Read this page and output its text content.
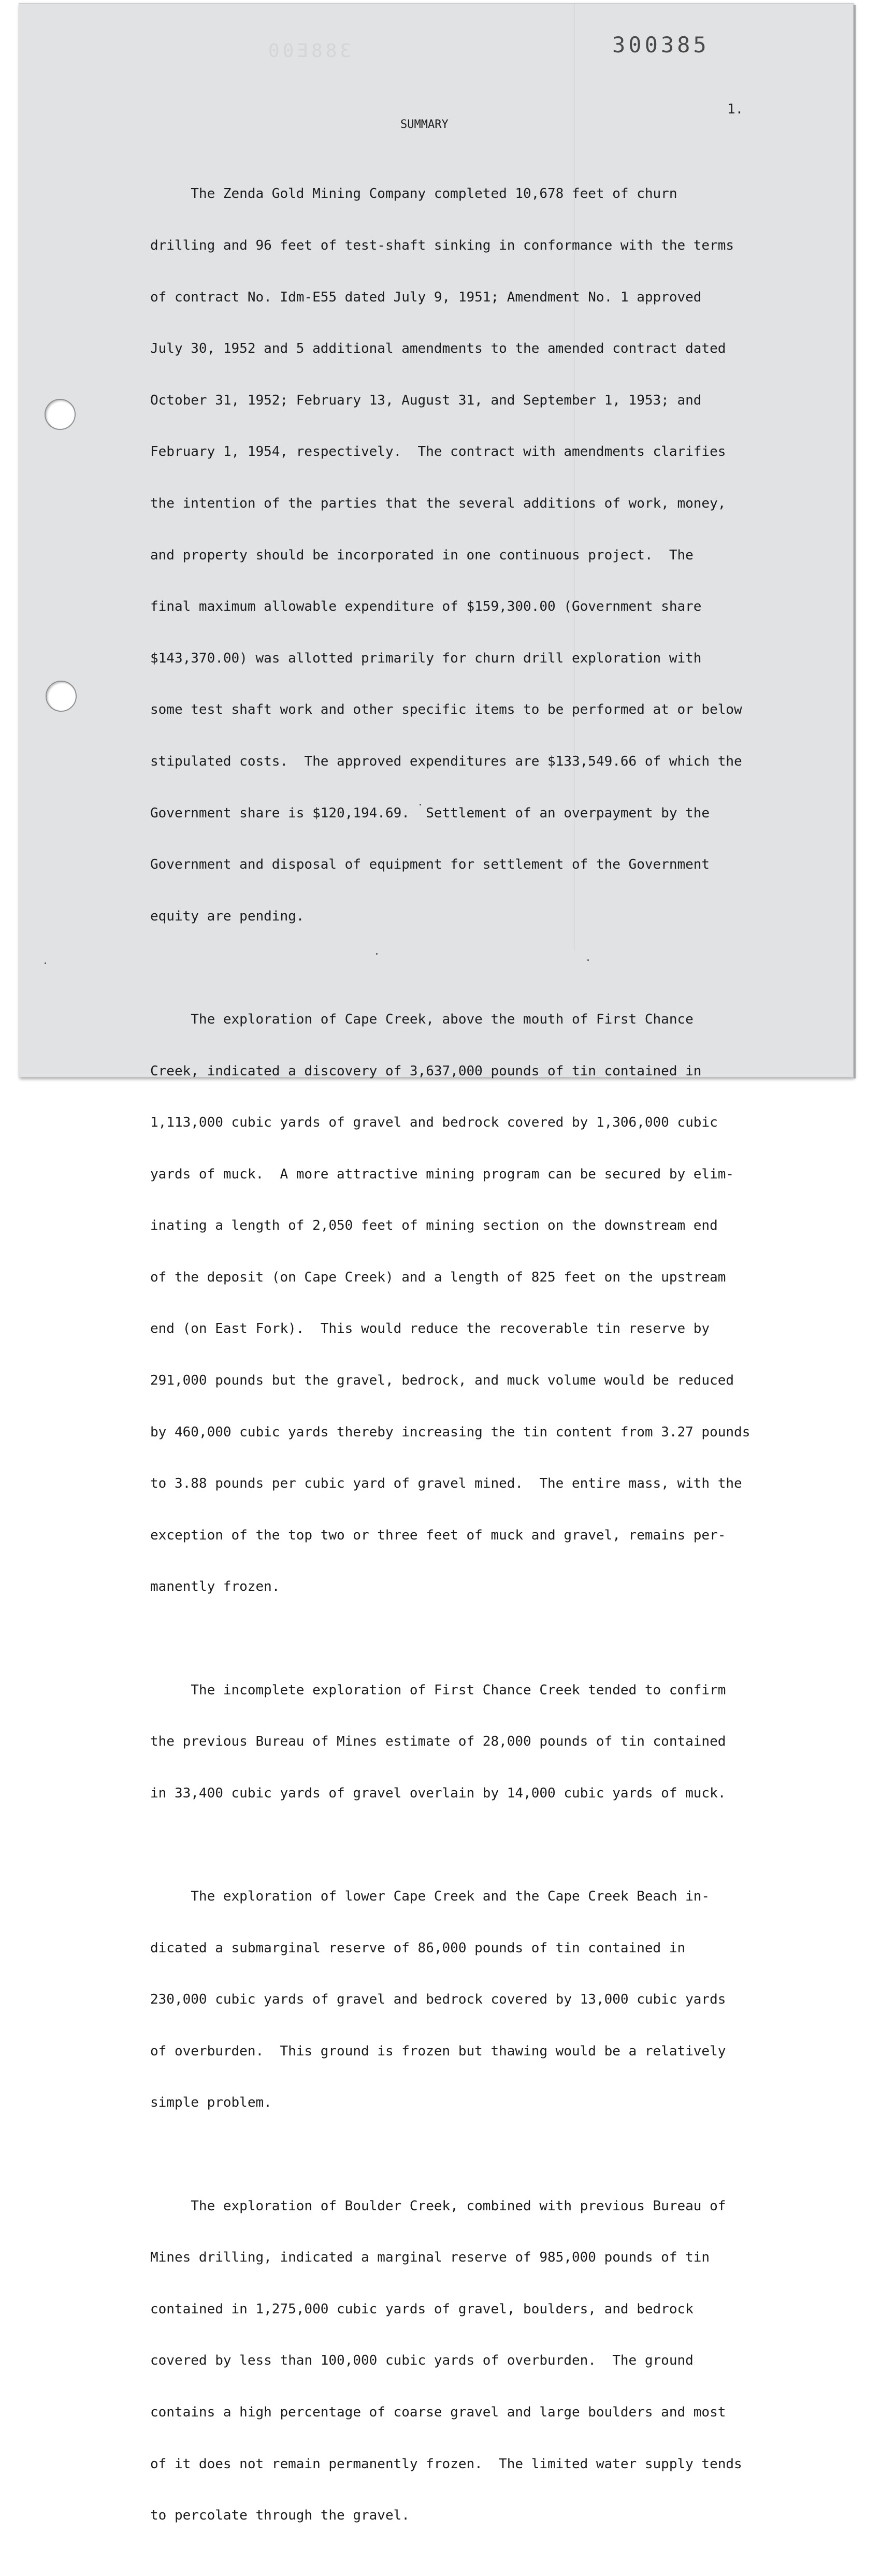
388E00	300385
1.
SUMMARY

The Zenda Gold Mining Company completed 10,678 feet of churn

drilling and 96 feet of test-shaft sinking in conformance with the terms

of contract No. Idm-E55 dated July 9, 1951; Amendment No. 1 approved

July 30, 1952 and 5 additional amendments to the amended contract dated

October 31, 1952; February 13, August 31, and September 1, 1953; and

February 1, 1954, respectively.  The contract with amendments clarifies

the intention of the parties that the several additions of work, money,

and property should be incorporated in one continuous project.  The

final maximum allowable expenditure of $159,300.00 (Government share

$143,370.00) was allotted primarily for churn drill exploration with

some test shaft work and other specific items to be performed at or below

stipulated costs.  The approved expenditures are $133,549.66 of which the

Government share is $120,194.69.  Settlement of an overpayment by the

Government and disposal of equipment for settlement of the Government

equity are pending.

The exploration of Cape Creek, above the mouth of First Chance

Creek, indicated a discovery of 3,637,000 pounds of tin contained in

1,113,000 cubic yards of gravel and bedrock covered by 1,306,000 cubic

yards of muck.  A more attractive mining program can be secured by elim-

inating a length of 2,050 feet of mining section on the downstream end

of the deposit (on Cape Creek) and a length of 825 feet on the upstream

end (on East Fork).  This would reduce the recoverable tin reserve by

291,000 pounds but the gravel, bedrock, and muck volume would be reduced

by 460,000 cubic yards thereby increasing the tin content from 3.27 pounds

to 3.88 pounds per cubic yard of gravel mined.  The entire mass, with the

exception of the top two or three feet of muck and gravel, remains per-

manently frozen.

The incomplete exploration of First Chance Creek tended to confirm

the previous Bureau of Mines estimate of 28,000 pounds of tin contained

in 33,400 cubic yards of gravel overlain by 14,000 cubic yards of muck.

The exploration of lower Cape Creek and the Cape Creek Beach in-

dicated a submarginal reserve of 86,000 pounds of tin contained in

230,000 cubic yards of gravel and bedrock covered by 13,000 cubic yards

of overburden.  This ground is frozen but thawing would be a relatively

simple problem.

The exploration of Boulder Creek, combined with previous Bureau of

Mines drilling, indicated a marginal reserve of 985,000 pounds of tin

contained in 1,275,000 cubic yards of gravel, boulders, and bedrock

covered by less than 100,000 cubic yards of overburden.  The ground

contains a high percentage of coarse gravel and large boulders and most

of it does not remain permanently frozen.  The limited water supply tends

to percolate through the gravel.
